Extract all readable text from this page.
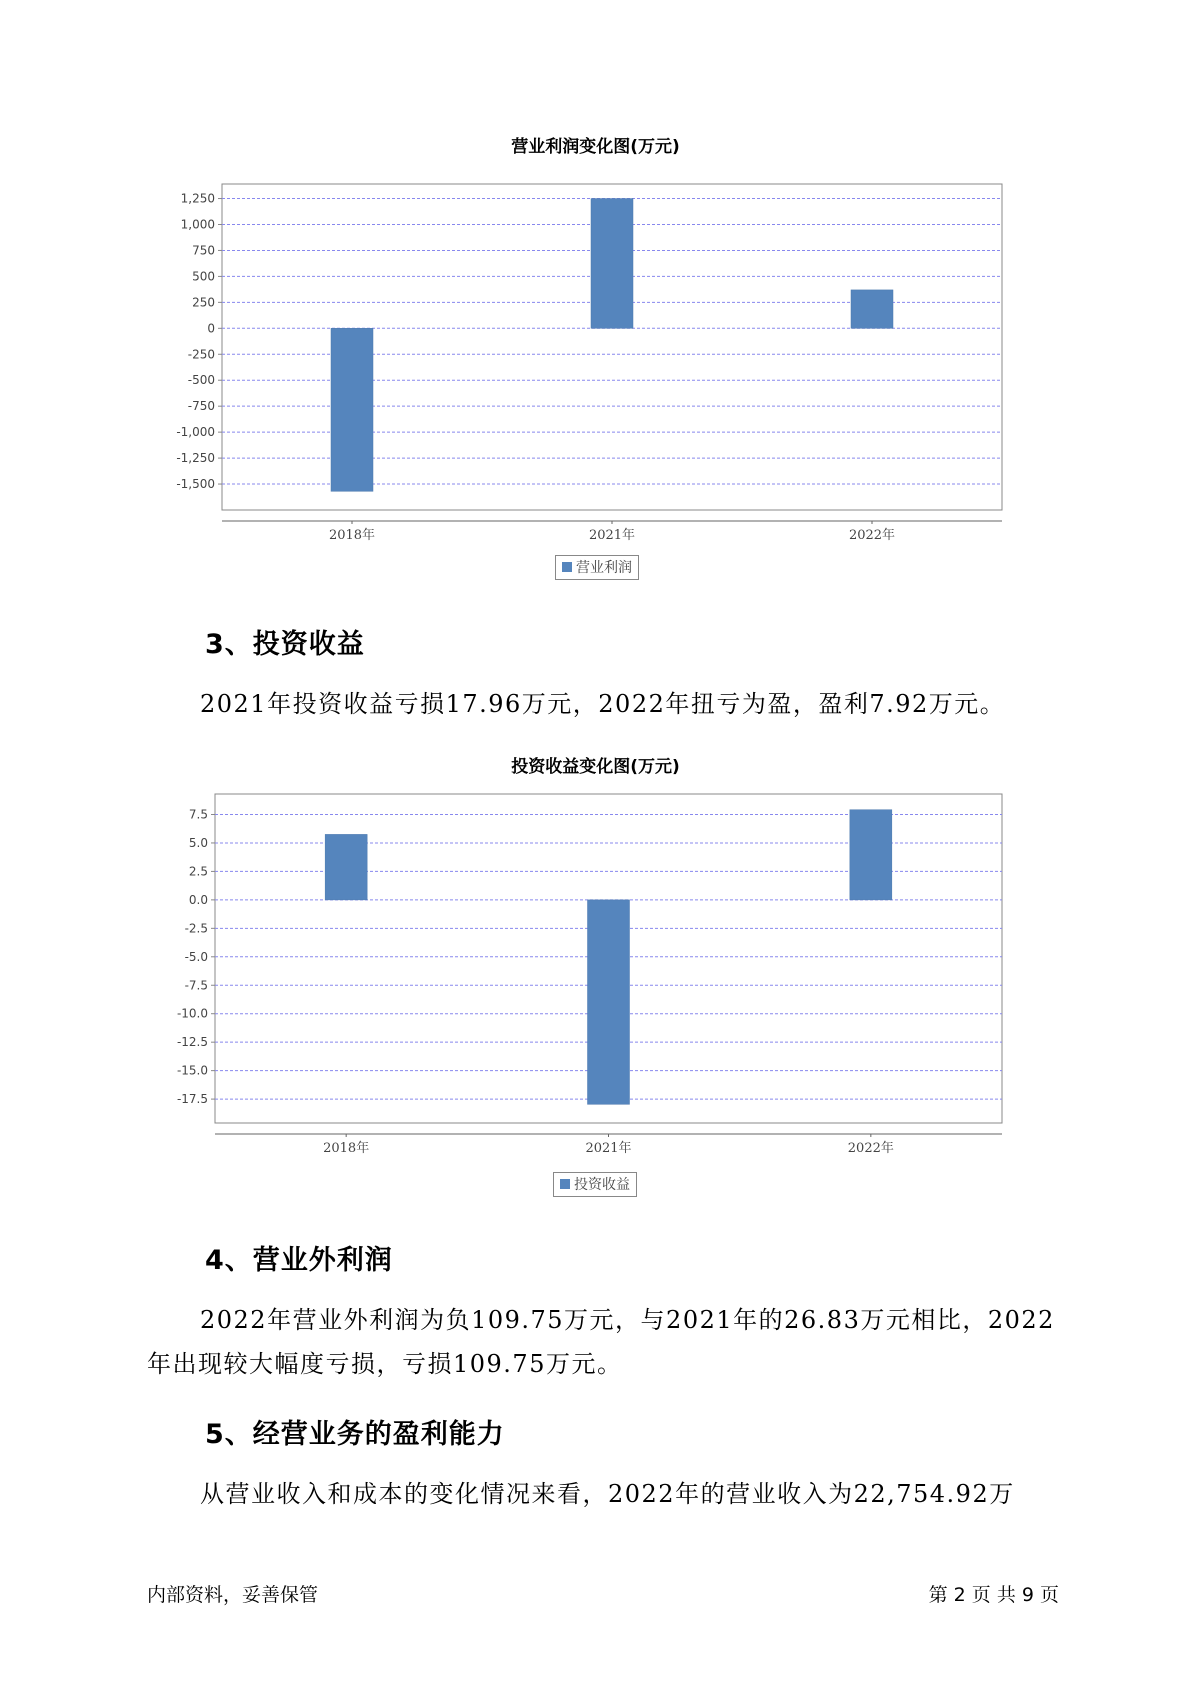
营业利润变化图(万元)
1,250
1,000
750
500
250
0
-250
-500
-750
-1,000
-1,250
-1,500
2018年	2021年	2022年
营业利润
3、投资收益
2021年投资收益亏损17.96万元，2022年扭亏为盈，盈利7.92万元。
投资收益变化图(万元)
7.5
5.0
2.5
0.0
-2.5
-5.0
-7.5
-10.0
-12.5
-15.0
-17.5
2018年	2021年	2022年
投资收益
4、营业外利润
2022年营业外利润为负109.75万元，与2021年的26.83万元相比，2022年出现较大幅度亏损，亏损109.75万元。
5、经营业务的盈利能力
从营业收入和成本的变化情况来看，2022年的营业收入为22,754.92万
内部资料，妥善保管	第 2 页 共 9 页
